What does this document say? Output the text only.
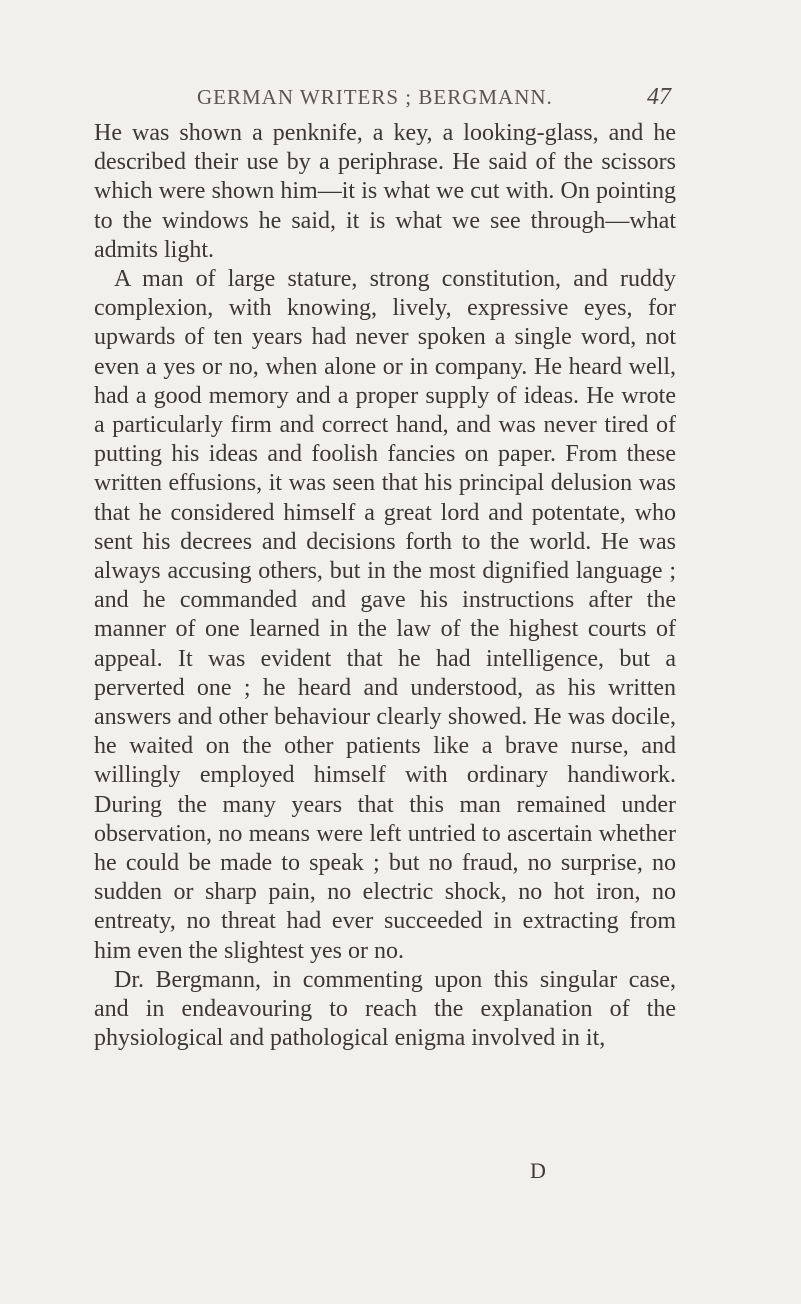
GERMAN WRITERS ; BERGMANN.	47

He was shown a penknife, a key, a looking-glass, and he described their use by a periphrase. He said of the scissors which were shown him—it is what we cut with. On pointing to the windows he said, it is what we see through—what admits light.

A man of large stature, strong constitution, and ruddy complexion, with knowing, lively, expressive eyes, for upwards of ten years had never spoken a single word, not even a yes or no, when alone or in company. He heard well, had a good memory and a proper supply of ideas. He wrote a particularly firm and correct hand, and was never tired of putting his ideas and foolish fancies on paper. From these written effusions, it was seen that his principal delusion was that he considered himself a great lord and potentate, who sent his decrees and decisions forth to the world. He was always accusing others, but in the most dignified language ; and he commanded and gave his instructions after the manner of one learned in the law of the highest courts of appeal. It was evident that he had intelligence, but a perverted one ; he heard and understood, as his written answers and other behaviour clearly showed. He was docile, he waited on the other patients like a brave nurse, and willingly employed himself with ordinary handiwork. During the many years that this man remained under observation, no means were left untried to ascertain whether he could be made to speak ; but no fraud, no surprise, no sudden or sharp pain, no electric shock, no hot iron, no entreaty, no threat had ever succeeded in extracting from him even the slightest yes or no.

Dr. Bergmann, in commenting upon this singular case, and in endeavouring to reach the explanation of the physiological and pathological enigma involved in it,

D
